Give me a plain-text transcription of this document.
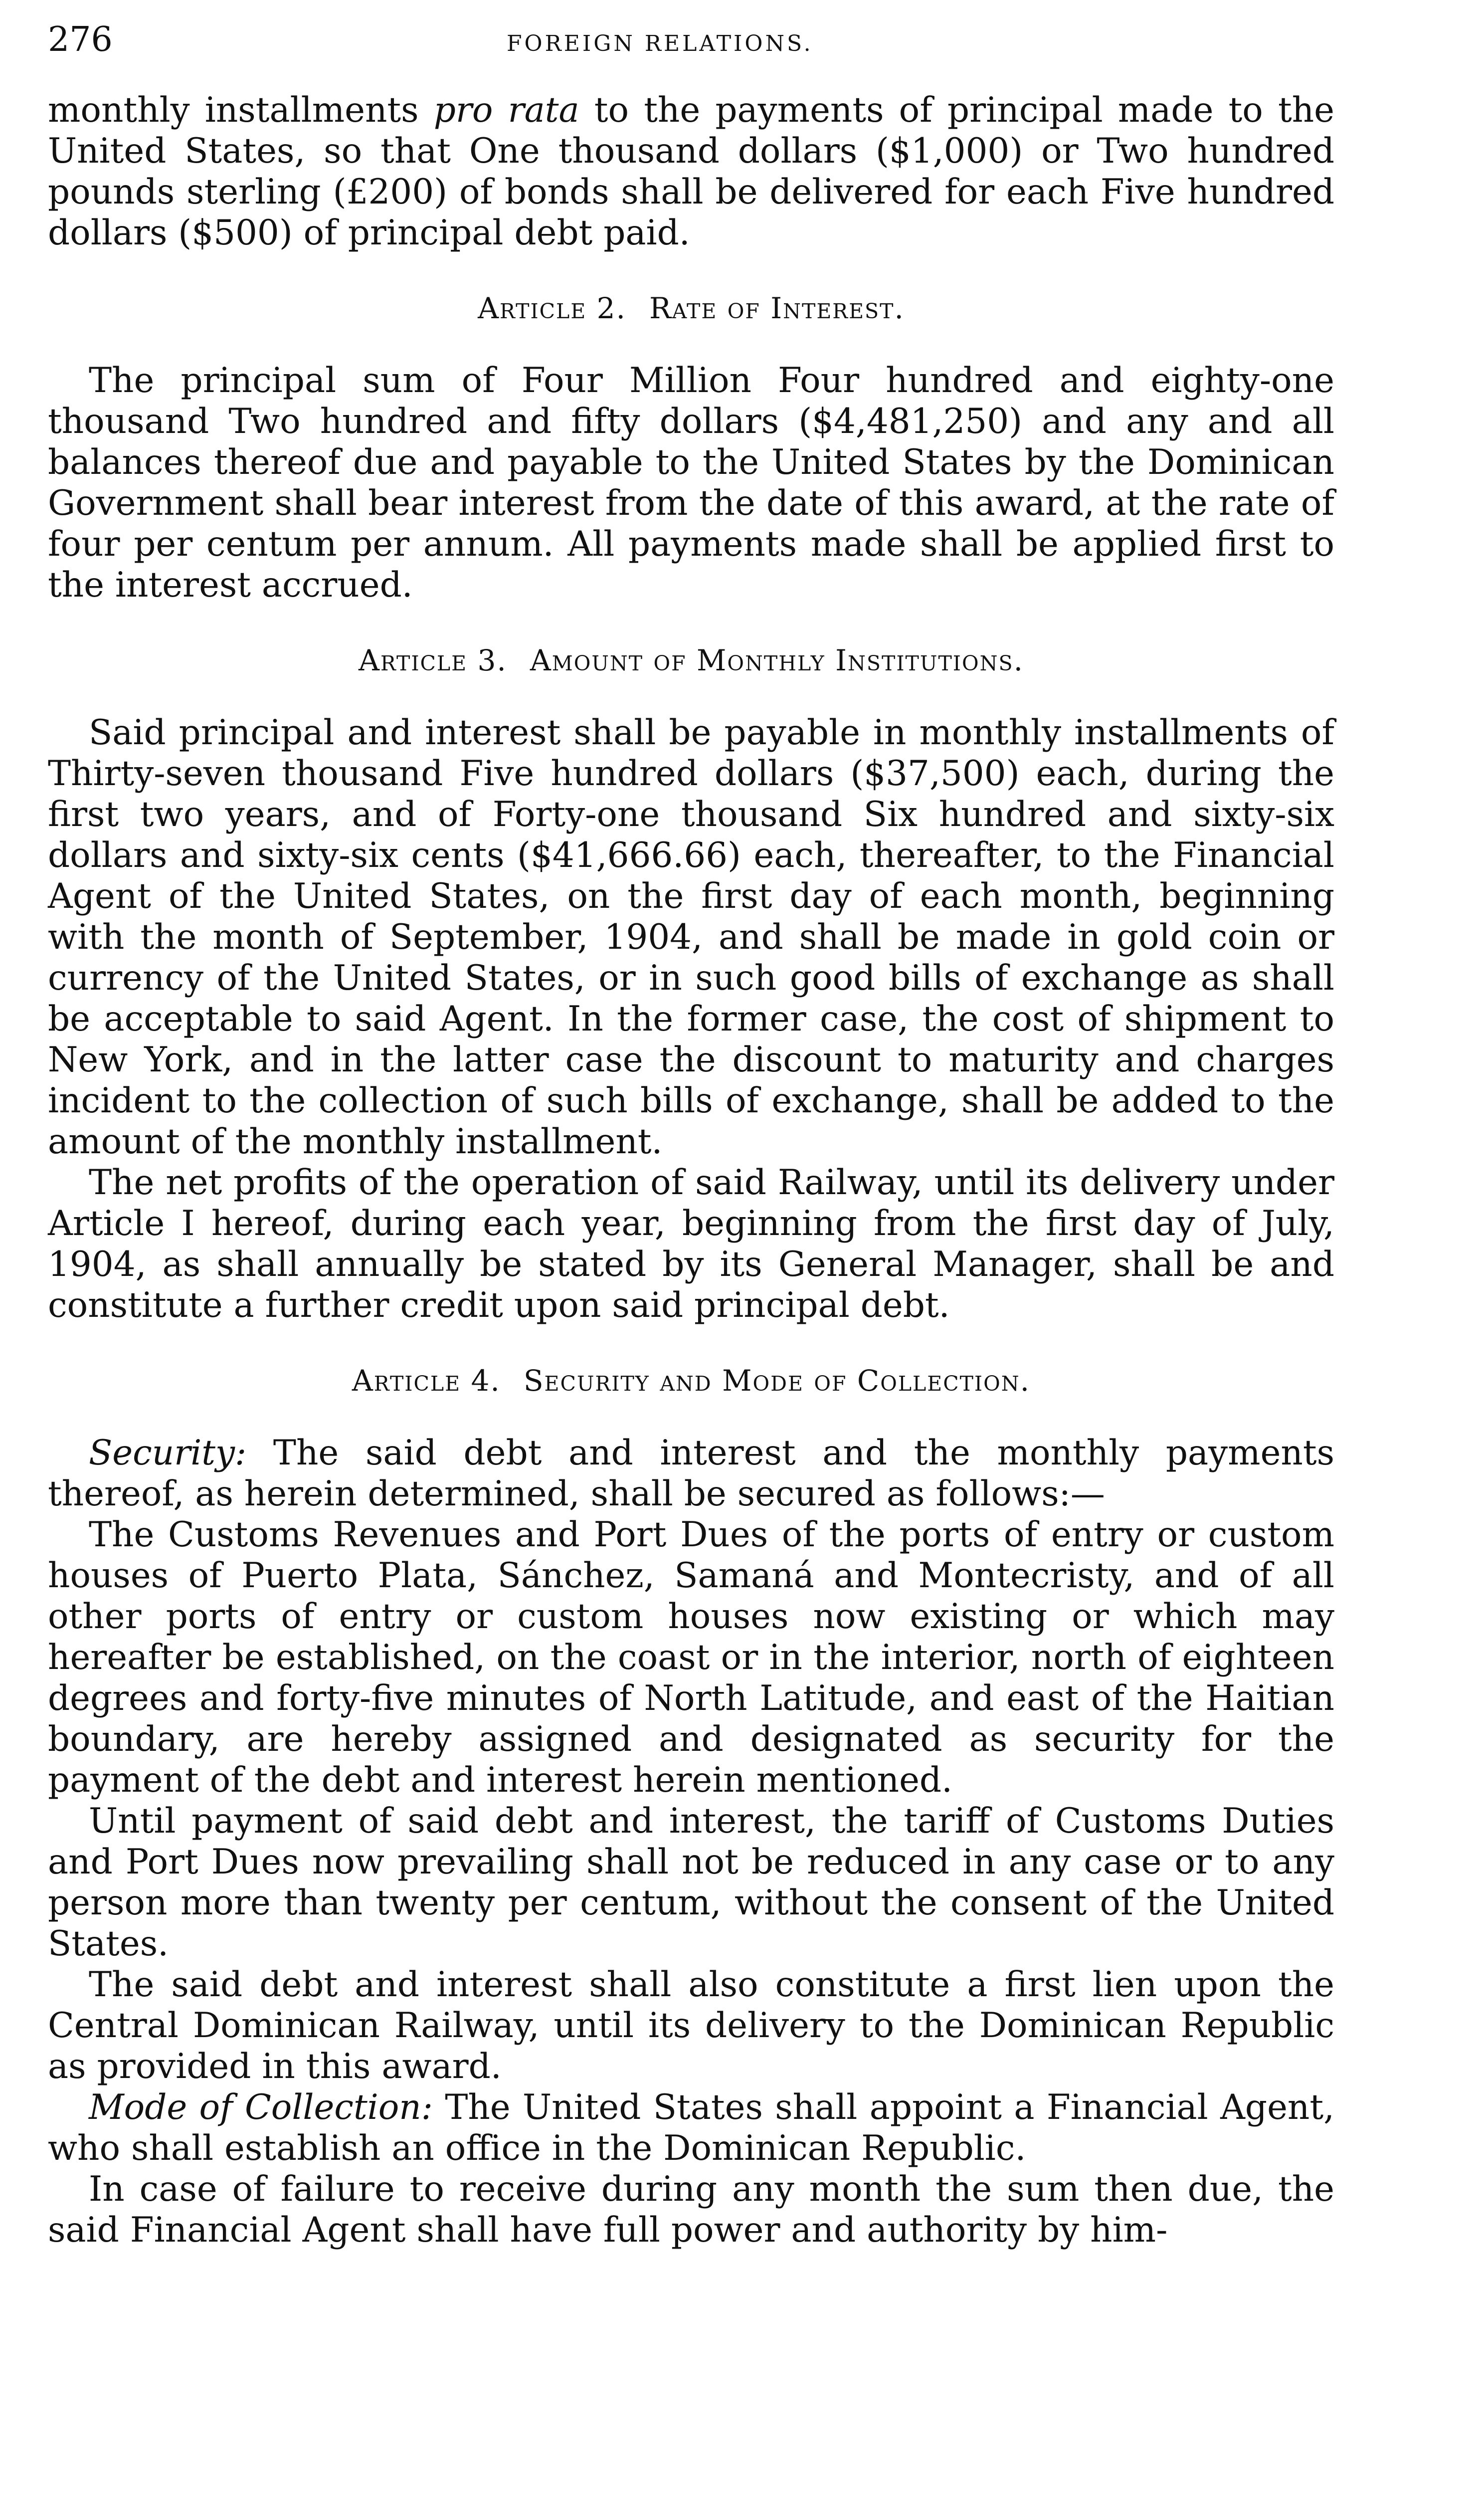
276	FOREIGN RELATIONS.

monthly installments pro rata to the payments of principal made to the United States, so that One thousand dollars ($1,000) or Two hundred pounds sterling (£200) of bonds shall be delivered for each Five hundred dollars ($500) of principal debt paid.

Article 2. Rate of Interest.

The principal sum of Four Million Four hundred and eighty-one thousand Two hundred and fifty dollars ($4,481,250) and any and all balances thereof due and payable to the United States by the Dominican Government shall bear interest from the date of this award, at the rate of four per centum per annum. All payments made shall be applied first to the interest accrued.

Article 3. Amount of Monthly Institutions.

Said principal and interest shall be payable in monthly installments of Thirty-seven thousand Five hundred dollars ($37,500) each, during the first two years, and of Forty-one thousand Six hundred and sixty-six dollars and sixty-six cents ($41,666.66) each, thereafter, to the Financial Agent of the United States, on the first day of each month, beginning with the month of September, 1904, and shall be made in gold coin or currency of the United States, or in such good bills of exchange as shall be acceptable to said Agent. In the former case, the cost of shipment to New York, and in the latter case the discount to maturity and charges incident to the collection of such bills of exchange, shall be added to the amount of the monthly installment.

The net profits of the operation of said Railway, until its delivery under Article I hereof, during each year, beginning from the first day of July, 1904, as shall annually be stated by its General Manager, shall be and constitute a further credit upon said principal debt.

Article 4. Security and Mode of Collection.

Security: The said debt and interest and the monthly payments thereof, as herein determined, shall be secured as follows:—

The Customs Revenues and Port Dues of the ports of entry or custom houses of Puerto Plata, Sánchez, Samaná and Montecristy, and of all other ports of entry or custom houses now existing or which may hereafter be established, on the coast or in the interior, north of eighteen degrees and forty-five minutes of North Latitude, and east of the Haitian boundary, are hereby assigned and designated as security for the payment of the debt and interest herein mentioned.

Until payment of said debt and interest, the tariff of Customs Duties and Port Dues now prevailing shall not be reduced in any case or to any person more than twenty per centum, without the consent of the United States.

The said debt and interest shall also constitute a first lien upon the Central Dominican Railway, until its delivery to the Dominican Republic as provided in this award.

Mode of Collection: The United States shall appoint a Financial Agent, who shall establish an office in the Dominican Republic.

In case of failure to receive during any month the sum then due, the said Financial Agent shall have full power and authority by him-
